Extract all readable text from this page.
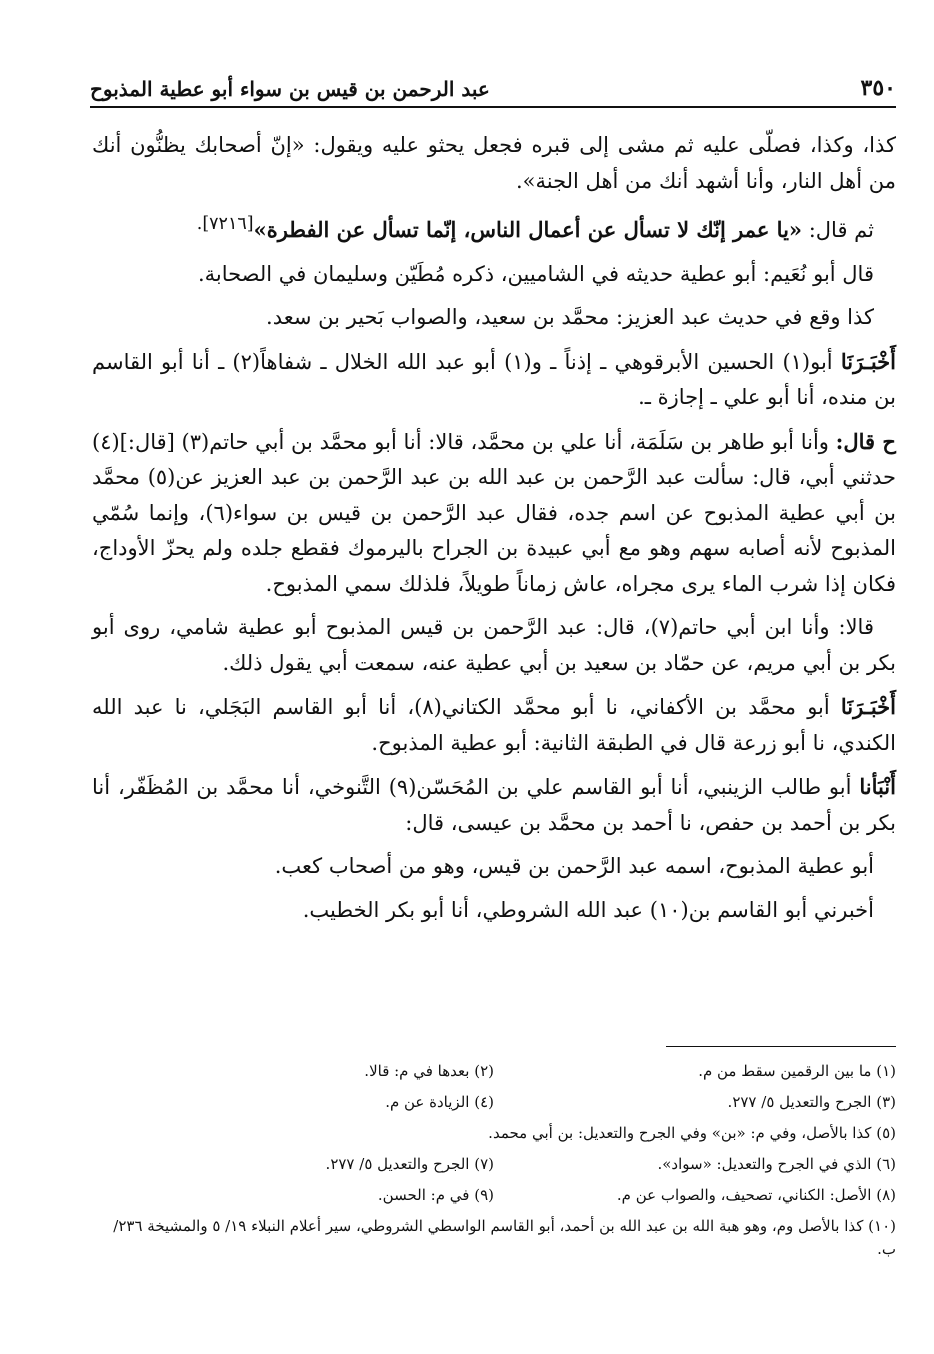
٣٥٠
عبد الرحمن بن قيس بن سواء أبو عطية المذبوح

كذا، وكذا، فصلّى عليه ثم مشى إلى قبره فجعل يحثو عليه ويقول: «إنّ أصحابك يظنُّون أنك من أهل النار، وأنا أشهد أنك من أهل الجنة».

ثم قال: «يا عمر إنّك لا تسأل عن أعمال الناس، إنّما تسأل عن الفطرة»$^{[٧٢١٦].}$

قال أبو نُعَيم: أبو عطية حديثه في الشاميين، ذكره مُطَيّن وسليمان في الصحابة.

كذا وقع في حديث عبد العزيز: محمَّد بن سعيد، والصواب بَحير بن سعد.

أَخْبَـرَنَا أبو(١) الحسين الأبرقوهي ـ إذناً ـ و(١) أبو عبد الله الخلال ـ شفاهاً(٢) ـ أنا أبو القاسم بن منده، أنا أبو علي ـ إجازة ـ.

ح قال: وأنا أبو طاهر بن سَلَمَة، أنا علي بن محمَّد، قالا: أنا أبو محمَّد بن أبي حاتم(٣) [قال:](٤) حدثني أبي، قال: سألت عبد الرَّحمن بن عبد الله بن عبد الرَّحمن بن عبد العزيز عن(٥) محمَّد بن أبي عطية المذبوح عن اسم جده، فقال عبد الرَّحمن بن قيس بن سواء(٦)، وإنما سُمّي المذبوح لأنه أصابه سهم وهو مع أبي عبيدة بن الجراح باليرموك فقطع جلده ولم يحزّ الأوداج، فكان إذا شرب الماء يرى مجراه، عاش زماناً طويلاً، فلذلك سمي المذبوح.

قالا: وأنا ابن أبي حاتم(٧)، قال: عبد الرَّحمن بن قيس المذبوح أبو عطية شامي، روى أبو بكر بن أبي مريم، عن حمّاد بن سعيد بن أبي عطية عنه، سمعت أبي يقول ذلك.

أَخْبَـرَنَا أبو محمَّد بن الأكفاني، نا أبو محمَّد الكتاني(٨)، أنا أبو القاسم البَجَلي، نا عبد الله الكندي، نا أبو زرعة قال في الطبقة الثانية: أبو عطية المذبوح.

أَنْبَأنا أبو طالب الزينبي، أنا أبو القاسم علي بن المُحَسّن(٩) التَّنوخي، أنا محمَّد بن المُظَفّر، أنا بكر بن أحمد بن حفص، نا أحمد بن محمَّد بن عيسى، قال:

أبو عطية المذبوح، اسمه عبد الرَّحمن بن قيس، وهو من أصحاب كعب.

أخبرني أبو القاسم بن(١٠) عبد الله الشروطي، أنا أبو بكر الخطيب.

(١) ما بين الرقمين سقط من م.
(٢) بعدها في م: قالا.
(٣) الجرح والتعديل ٥/ ٢٧٧.
(٤) الزيادة عن م.
(٥) كذا بالأصل، وفي م: «بن» وفي الجرح والتعديل: بن أبي محمد.
(٦) الذي في الجرح والتعديل: «سواد».
(٧) الجرح والتعديل ٥/ ٢٧٧.
(٨) الأصل: الكناني، تصحيف، والصواب عن م.
(٩) في م: الحسن.
(١٠) كذا بالأصل وم، وهو هبة الله بن عبد الله بن أحمد، أبو القاسم الواسطي الشروطي، سير أعلام النبلاء ١٩/ ٥ والمشيخة ٢٣٦/ ب.
